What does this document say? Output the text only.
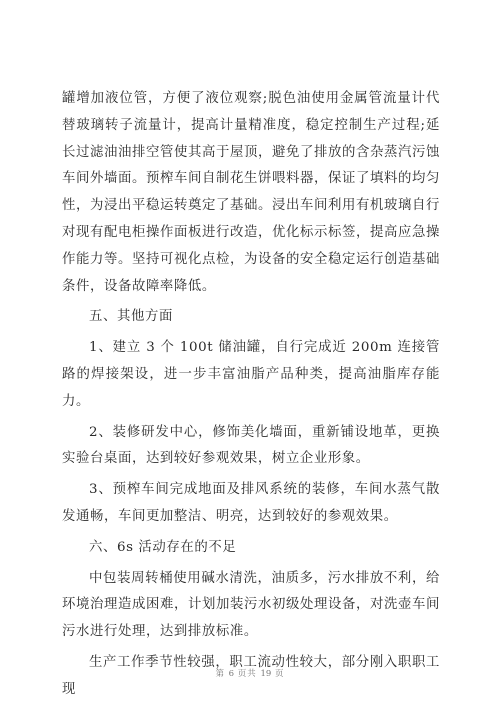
罐增加液位管，方便了液位观察;脱色油使用金属管流量计代替玻璃转子流量计，提高计量精准度，稳定控制生产过程;延长过滤油油排空管使其高于屋顶，避免了排放的含杂蒸汽污蚀车间外墙面。预榨车间自制花生饼喂料器，保证了填料的均匀性，为浸出平稳运转奠定了基础。浸出车间利用有机玻璃自行对现有配电柜操作面板进行改造，优化标示标签，提高应急操作能力等。坚持可视化点检，为设备的安全稳定运行创造基础条件，设备故障率降低。

五、其他方面

1、建立 3 个 100t 储油罐，自行完成近 200m 连接管路的焊接架设，进一步丰富油脂产品种类，提高油脂库存能力。

2、装修研发中心，修饰美化墙面，重新铺设地革，更换实验台桌面，达到较好参观效果，树立企业形象。

3、预榨车间完成地面及排风系统的装修，车间水蒸气散发通畅，车间更加整洁、明亮，达到较好的参观效果。

六、6s 活动存在的不足

中包装周转桶使用碱水清洗，油质多，污水排放不利，给环境治理造成困难，计划加装污水初级处理设备，对洗壶车间污水进行处理，达到排放标准。

生产工作季节性较强，职工流动性较大，部分刚入职职工现

第 6 页共 19 页
